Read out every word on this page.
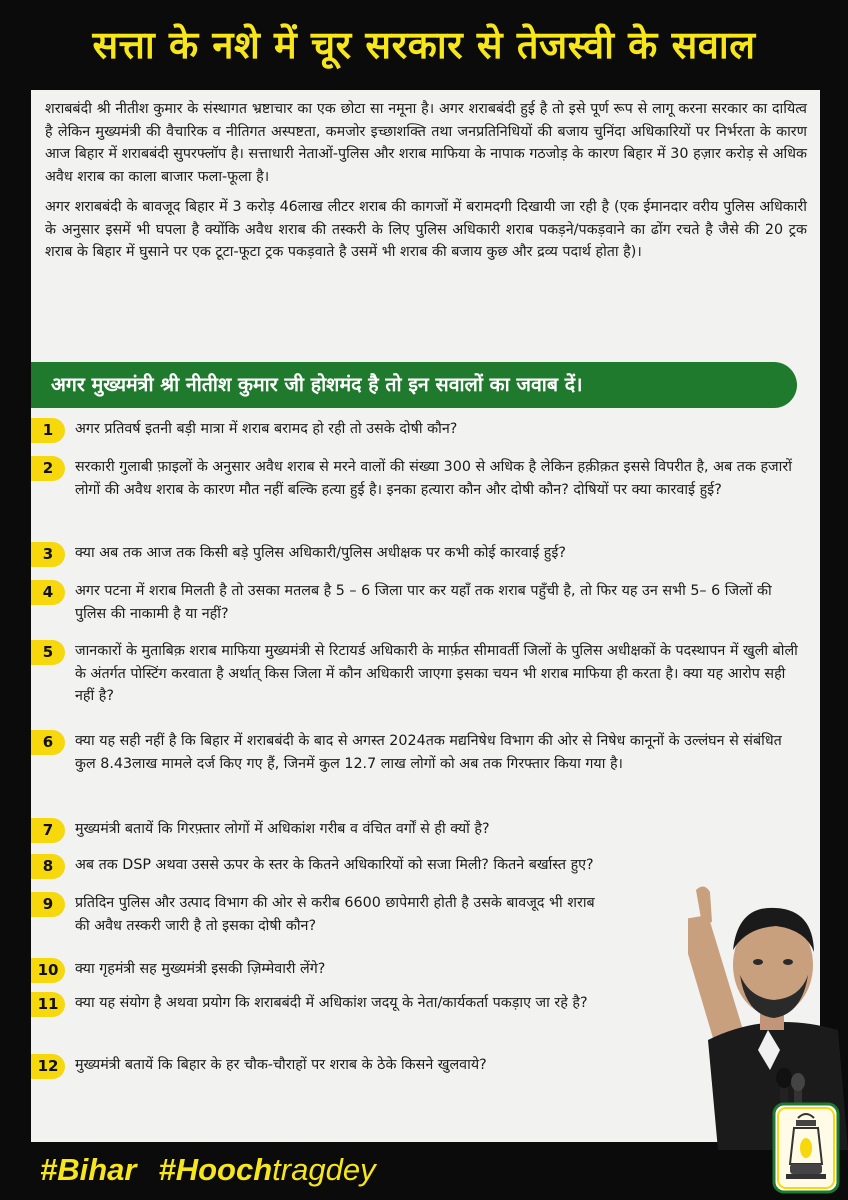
सत्ता के नशे में चूर सरकार से तेजस्वी के सवाल

शराबबंदी श्री नीतीश कुमार के संस्थागत भ्रष्टाचार का एक छोटा सा नमूना है। अगर शराबबंदी हुई है तो इसे पूर्ण रूप से लागू करना सरकार का दायित्व है लेकिन मुख्यमंत्री की वैचारिक व नीतिगत अस्पष्टता, कमजोर इच्छाशक्ति तथा जनप्रतिनिधियों की बजाय चुनिंदा अधिकारियों पर निर्भरता के कारण आज बिहार में शराबबंदी सुपरफ्लॉप है। सत्ताधारी नेताओं-पुलिस और शराब माफिया के नापाक गठजोड़ के कारण बिहार में 30 हज़ार करोड़ से अधिक अवैध शराब का काला बाजार फला-फूला है।

अगर शराबबंदी के बावजूद बिहार में 3 करोड़ 46लाख लीटर शराब की कागजों में बरामदगी दिखायी जा रही है (एक ईमानदार वरीय पुलिस अधिकारी के अनुसार इसमें भी घपला है क्योंकि अवैध शराब की तस्करी के लिए पुलिस अधिकारी शराब पकड़ने/पकड़वाने का ढोंग रचते है जैसे की 20 ट्रक शराब के बिहार में घुसाने पर एक टूटा-फूटा ट्रक पकड़वाते है उसमें भी शराब की बजाय कुछ और द्रव्य पदार्थ होता है)।

अगर मुख्यमंत्री श्री नीतीश कुमार जी होशमंद है तो इन सवालों का जवाब दें।
1	अगर प्रतिवर्ष इतनी बड़ी मात्रा में शराब बरामद हो रही तो उसके दोषी कौन?
2	सरकारी गुलाबी फ़ाइलों के अनुसार अवैध शराब से मरने वालों की संख्या 300 से अधिक है लेकिन हक़ीक़त इससे विपरीत है, अब तक हजारों लोगों की अवैध शराब के कारण मौत नहीं बल्कि हत्या हुई है। इनका हत्यारा कौन और दोषी कौन? दोषियों पर क्या कारवाई हुई?
3	क्या अब तक आज तक किसी बड़े पुलिस अधिकारी/पुलिस अधीक्षक पर कभी कोई कारवाई हुई?
4	अगर पटना में शराब मिलती है तो उसका मतलब है 5 – 6 जिला पार कर यहाँ तक शराब पहुँची है, तो फिर यह उन सभी 5– 6 जिलों की पुलिस की नाकामी है या नहीं?
5	जानकारों के मुताबिक़ शराब माफिया मुख्यमंत्री से रिटायर्ड अधिकारी के मार्फ़त सीमावर्ती जिलों के पुलिस अधीक्षकों के पदस्थापन में खुली बोली के अंतर्गत पोस्टिंग करवाता है अर्थात् किस जिला में कौन अधिकारी जाएगा इसका चयन भी शराब माफिया ही करता है। क्या यह आरोप सही नहीं है?
6	क्या यह सही नहीं है कि बिहार में शराबबंदी के बाद से अगस्त 2024तक मद्यनिषेध विभाग की ओर से निषेध कानूनों के उल्लंघन से संबंधित कुल 8.43लाख मामले दर्ज किए गए हैं, जिनमें कुल 12.7 लाख लोगों को अब तक गिरफ्तार किया गया है।
7	मुख्यमंत्री बतायें कि गिरफ़्तार लोगों में अधिकांश गरीब व वंचित वर्गों से ही क्यों है?
8	अब तक DSP अथवा उससे ऊपर के स्तर के कितने अधिकारियों को सजा मिली? कितने बर्खास्त हुए?
9	प्रतिदिन पुलिस और उत्पाद विभाग की ओर से करीब 6600 छापेमारी होती है उसके बावजूद भी शराब की अवैध तस्करी जारी है तो इसका दोषी कौन?
10	क्या गृहमंत्री सह मुख्यमंत्री इसकी ज़िम्मेवारी लेंगे?
11	क्या यह संयोग है अथवा प्रयोग कि शराबबंदी में अधिकांश जदयू के नेता/कार्यकर्ता पकड़ाए जा रहे है?
12	मुख्यमंत्री बतायें कि बिहार के हर चौक-चौराहों पर शराब के ठेके किसने खुलवाये?
#Bihar #Hoochtragdey
